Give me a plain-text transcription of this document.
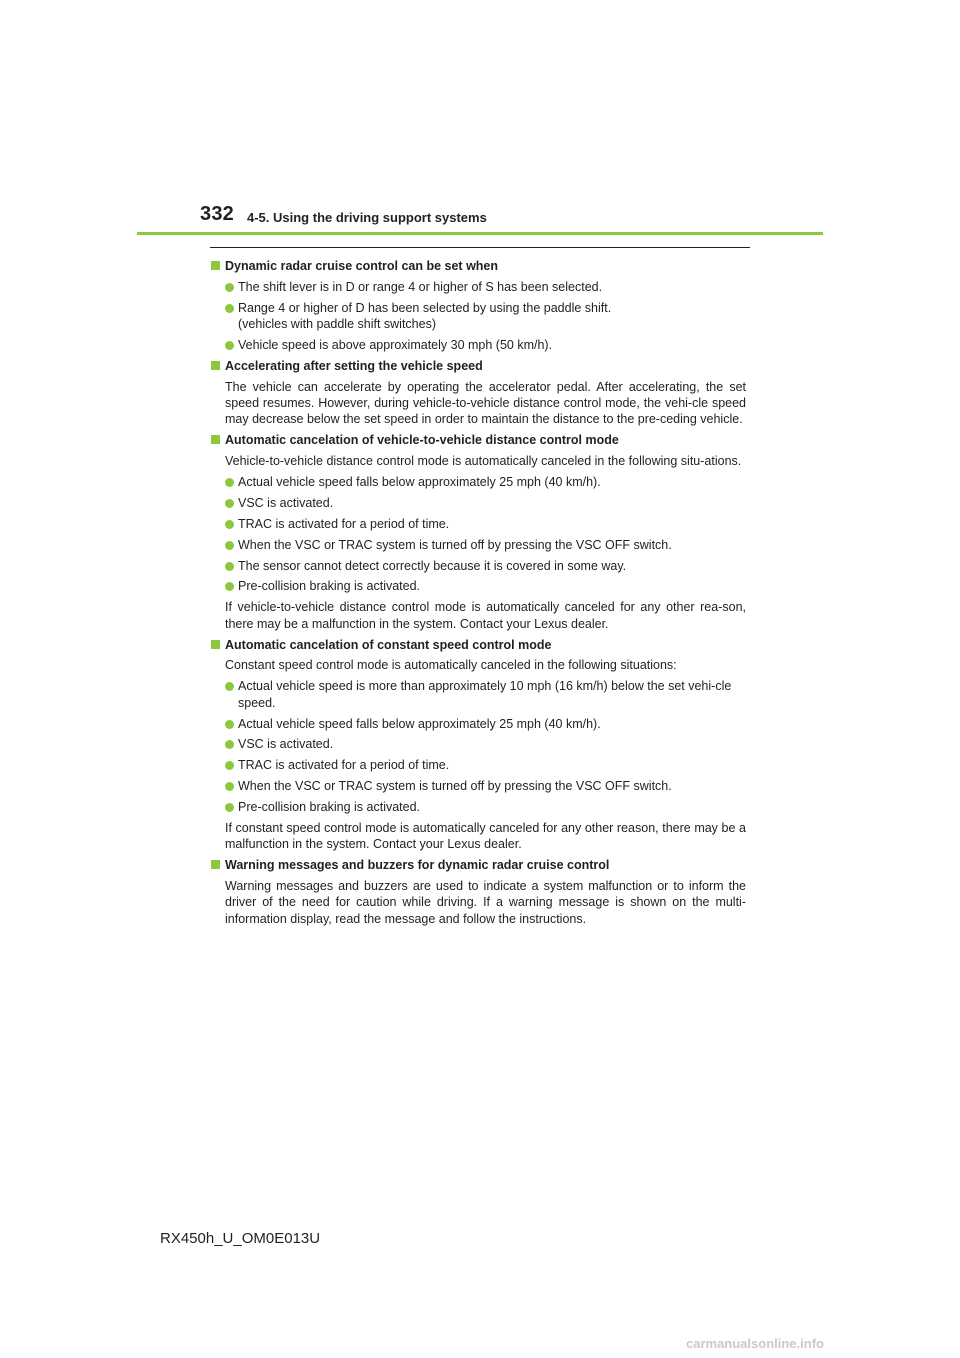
332 4-5. Using the driving support systems
Dynamic radar cruise control can be set when
The shift lever is in D or range 4 or higher of S has been selected.
Range 4 or higher of D has been selected by using the paddle shift.
(vehicles with paddle shift switches)
Vehicle speed is above approximately 30 mph (50 km/h).
Accelerating after setting the vehicle speed
The vehicle can accelerate by operating the accelerator pedal. After accelerating, the set speed resumes. However, during vehicle-to-vehicle distance control mode, the vehi-cle speed may decrease below the set speed in order to maintain the distance to the pre-ceding vehicle.
Automatic cancelation of vehicle-to-vehicle distance control mode
Vehicle-to-vehicle distance control mode is automatically canceled in the following situ-ations.
Actual vehicle speed falls below approximately 25 mph (40 km/h).
VSC is activated.
TRAC is activated for a period of time.
When the VSC or TRAC system is turned off by pressing the VSC OFF switch.
The sensor cannot detect correctly because it is covered in some way.
Pre-collision braking is activated.
If vehicle-to-vehicle distance control mode is automatically canceled for any other rea-son, there may be a malfunction in the system. Contact your Lexus dealer.
Automatic cancelation of constant speed control mode
Constant speed control mode is automatically canceled in the following situations:
Actual vehicle speed is more than approximately 10 mph (16 km/h) below the set vehi-cle speed.
Actual vehicle speed falls below approximately 25 mph (40 km/h).
VSC is activated.
TRAC is activated for a period of time.
When the VSC or TRAC system is turned off by pressing the VSC OFF switch.
Pre-collision braking is activated.
If constant speed control mode is automatically canceled for any other reason, there may be a malfunction in the system. Contact your Lexus dealer.
Warning messages and buzzers for dynamic radar cruise control
Warning messages and buzzers are used to indicate a system malfunction or to inform the driver of the need for caution while driving. If a warning message is shown on the multi-information display, read the message and follow the instructions.
RX450h_U_OM0E013U
carmanualsonline.info
